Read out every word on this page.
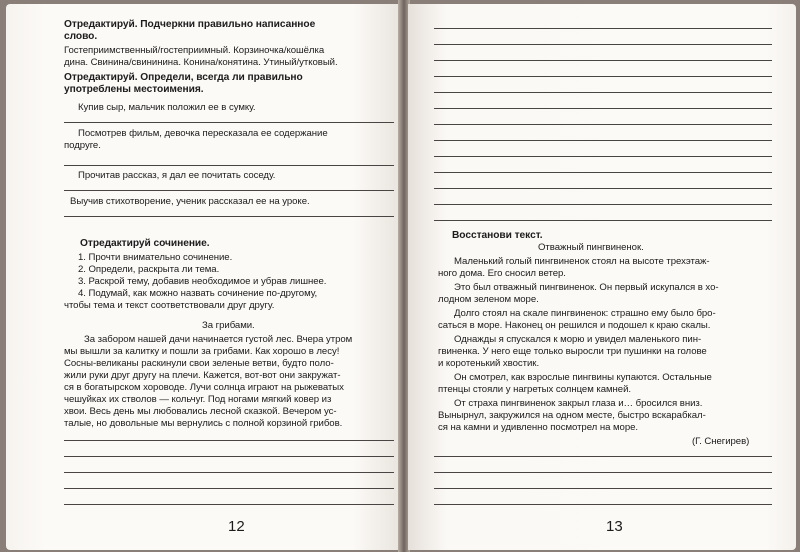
Отредактируй. Подчеркни правильно написанное
слово.
Гостеприимственный/гостеприимный. Корзиночка/кошёлка
дина. Свинина/свининина. Конина/конятина. Утиный/утковый.
Отредактируй. Определи, всегда ли правильно
употреблены местоимения.
Купив сыр, мальчик положил ее в сумку.
Посмотрев фильм, девочка пересказала ее содержание
подруге.
Прочитав рассказ, я дал ее почитать соседу.
Выучив стихотворение, ученик рассказал ее на уроке.
Отредактируй сочинение.
1. Прочти внимательно сочинение.
2. Определи, раскрыта ли тема.
3. Раскрой тему, добавив необходимое и убрав лишнее.
4. Подумай, как можно назвать сочинение по-другому,
чтобы тема и текст соответствовали друг другу.
За грибами.
За забором нашей дачи начинается густой лес. Вчера утром
мы вышли за калитку и пошли за грибами. Как хорошо в лесу!
Сосны-великаны раскинули свои зеленые ветви, будто поло-
жили руки друг другу на плечи. Кажется, вот-вот они закружат-
ся в богатырском хороводе. Лучи солнца играют на рыжеватых
чешуйках их стволов — кольчуг. Под ногами мягкий ковер из
хвои. Весь день мы любовались лесной сказкой. Вечером ус-
талые, но довольные мы вернулись с полной корзиной грибов.
12
Восстанови текст.
Отважный пингвиненок.
Маленький голый пингвиненок стоял на высоте трехэтаж-
ного дома. Его сносил ветер.
Это был отважный пингвиненок. Он первый искупался в хо-
лодном зеленом море.
Долго стоял на скале пингвиненок: страшно ему было бро-
саться в море. Наконец он решился и подошел к краю скалы.
Однажды я спускался к морю и увидел маленького пин-
гвиненка. У него еще только выросли три пушинки на голове
и коротенький хвостик.
Он смотрел, как взрослые пингвины купаются. Остальные
птенцы стояли у нагретых солнцем камней.
От страха пингвиненок закрыл глаза и… бросился вниз.
Вынырнул, закружился на одном месте, быстро вскарабкал-
ся на камни и удивленно посмотрел на море.
(Г. Снегирев)
13
